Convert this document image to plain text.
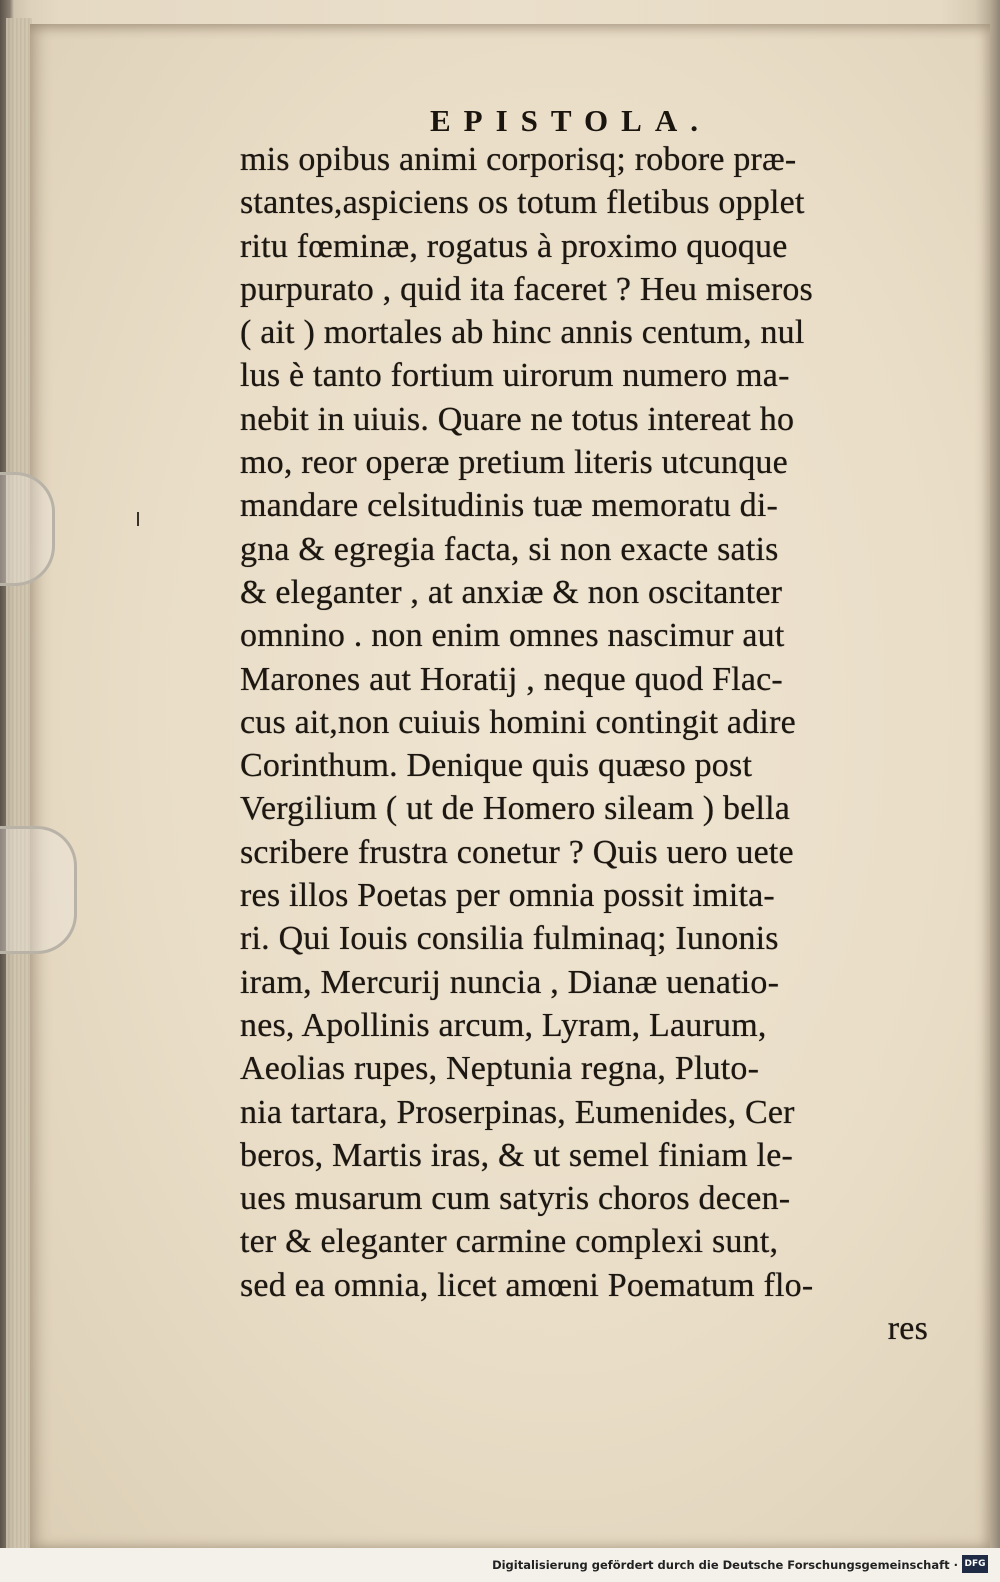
EPISTOLA.
mis opibus animi corporisq; robore præ-
stantes,aspiciens os totum fletibus opplet
ritu fœminæ, rogatus à proximo quoque
purpurato , quid ita faceret ? Heu miseros
( ait ) mortales ab hinc annis centum, nul
lus è tanto fortium uirorum numero ma-
nebit in uiuis. Quare ne totus intereat ho
mo, reor operæ pretium literis utcunque
mandare celsitudinis tuæ memoratu di-
gna & egregia facta, si non exacte satis
& eleganter , at anxiæ & non oscitanter
omnino . non enim omnes nascimur aut
Marones aut Horatij , neque quod Flac-
cus ait,non cuiuis homini contingit adire
Corinthum. Denique quis quæso post
Vergilium ( ut de Homero sileam ) bella
scribere frustra conetur ? Quis uero uete
res illos Poetas per omnia possit imita-
ri. Qui Iouis consilia fulminaq; Iunonis
iram, Mercurij nuncia , Dianæ uenatio-
nes, Apollinis arcum, Lyram, Laurum,
Aeolias rupes, Neptunia regna, Pluto-
nia tartara, Proserpinas, Eumenides, Cer
beros, Martis iras, & ut semel finiam le-
ues musarum cum satyris choros decen-
ter & eleganter carmine complexi sunt,
sed ea omnia, licet amœni Poematum flo-
res
Digitalisierung gefördert durch die Deutsche Forschungsgemeinschaft · DFG
